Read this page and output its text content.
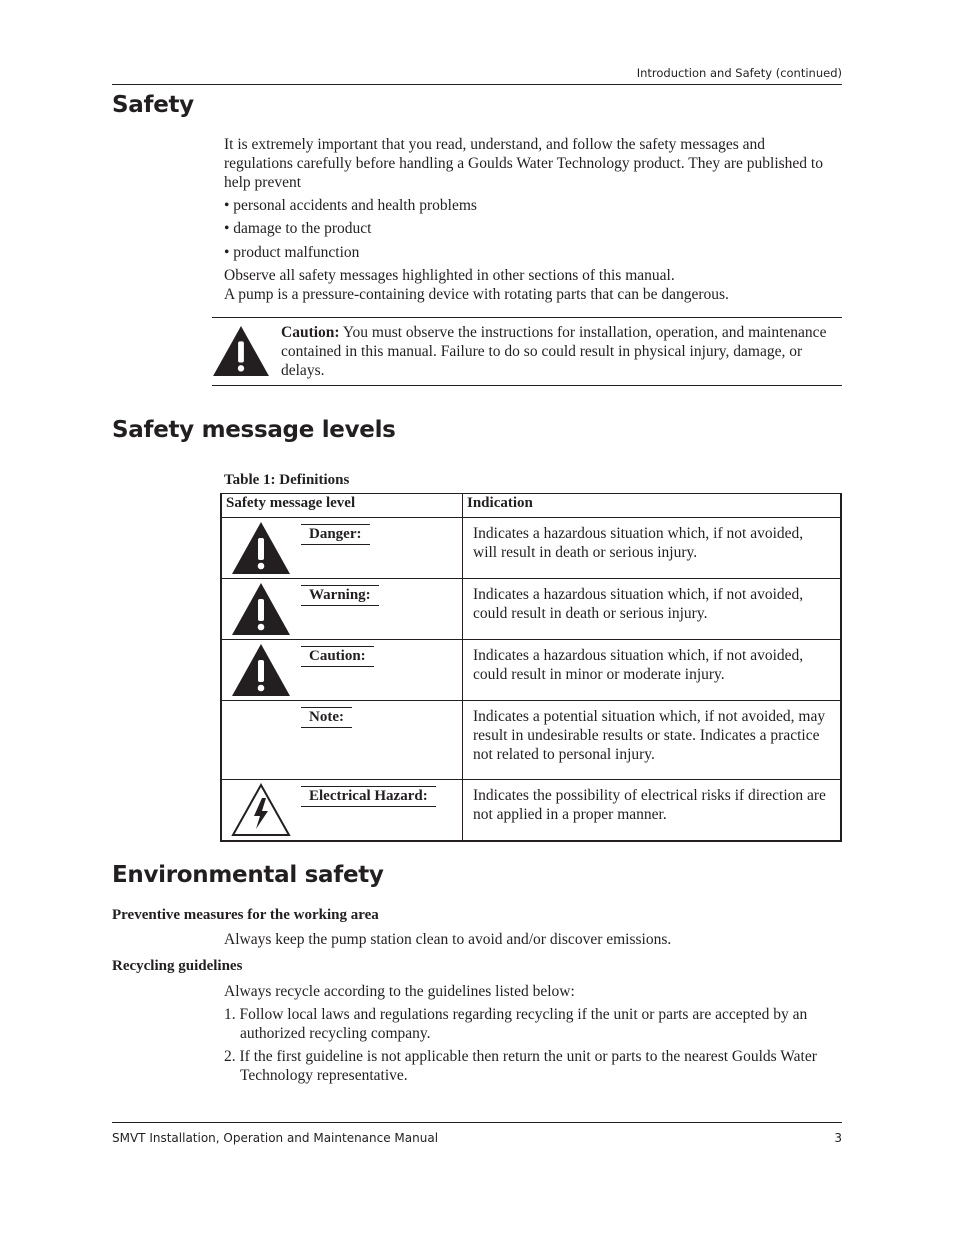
Introduction and Safety (continued)
Safety
It is extremely important that you read, understand, and follow the safety messages and regulations carefully before handling a Goulds Water Technology product. They are published to help prevent
• personal accidents and health problems
• damage to the product
• product malfunction
Observe all safety messages highlighted in other sections of this manual.
A pump is a pressure-containing device with rotating parts that can be dangerous.
Caution: You must observe the instructions for installation, operation, and maintenance contained in this manual. Failure to do so could result in physical injury, damage, or delays.
Safety message levels
Table 1: Definitions
Safety message level	Indication

Danger:	Indicates a hazardous situation which, if not avoided, will result in death or serious injury.

Warning:	Indicates a hazardous situation which, if not avoided, could result in death or serious injury.

Caution:	Indicates a hazardous situation which, if not avoided, could result in minor or moderate injury.

Note:	Indicates a potential situation which, if not avoided, may result in undesirable results or state. Indicates a practice not related to personal injury.

Electrical Hazard:	Indicates the possibility of electrical risks if direction are not applied in a proper manner.
Environmental safety
Preventive measures for the working area
Always keep the pump station clean to avoid and/or discover emissions.
Recycling guidelines
Always recycle according to the guidelines listed below:
1. Follow local laws and regulations regarding recycling if the unit or parts are accepted by an authorized recycling company.
2. If the first guideline is not applicable then return the unit or parts to the nearest Goulds Water Technology representative.
SMVT Installation, Operation and Maintenance Manual	3
